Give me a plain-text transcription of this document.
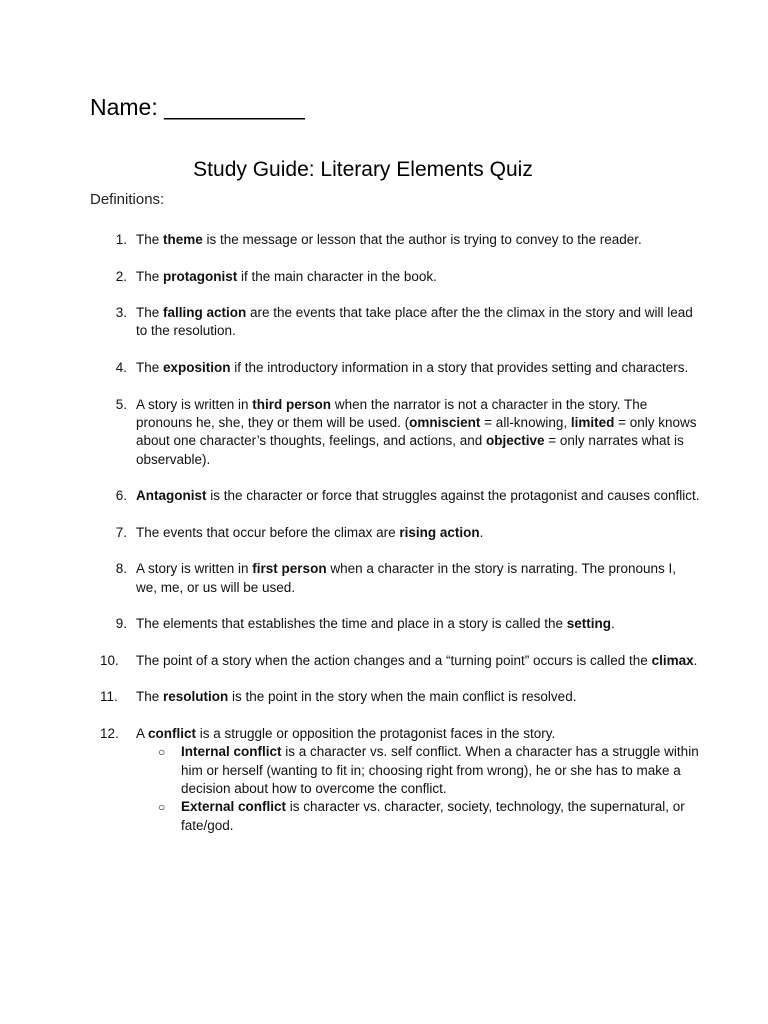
Name: ___________
Study Guide: Literary Elements Quiz
Definitions:
1. The theme is the message or lesson that the author is trying to convey to the reader.

2. The protagonist if the main character in the book.

3. The falling action are the events that take place after the the climax in the story and will lead to the resolution.

4. The exposition if the introductory information in a story that provides setting and characters.

5. A story is written in third person when the narrator is not a character in the story. The pronouns he, she, they or them will be used. (omniscient = all-knowing, limited = only knows about one character’s thoughts, feelings, and actions, and objective = only narrates what is observable).

6. Antagonist is the character or force that struggles against the protagonist and causes conflict.

7. The events that occur before the climax are rising action.

8. A story is written in first person when a character in the story is narrating. The pronouns I, we, me, or us will be used.

9. The elements that establishes the time and place in a story is called the setting.

10.	The point of a story when the action changes and a “turning point” occurs is called the climax.

11.	The resolution is the point in the story when the main conflict is resolved.

12.	A conflict is a struggle or opposition the protagonist faces in the story.

○ Internal conflict is a character vs. self conflict. When a character has a struggle within him or herself (wanting to fit in; choosing right from wrong), he or she has to make a decision about how to overcome the conflict.

○ External conflict is character vs. character, society, technology, the supernatural, or fate/god.
